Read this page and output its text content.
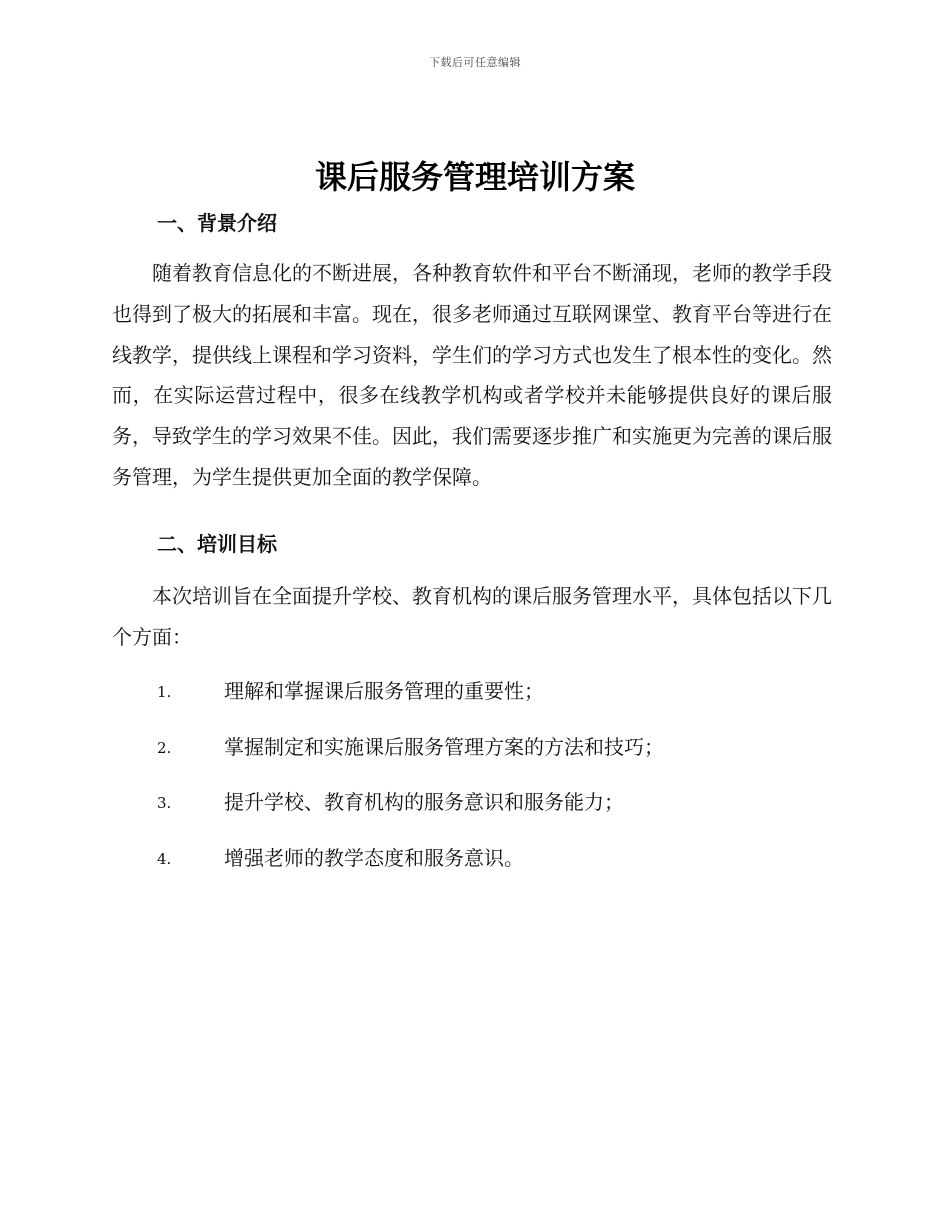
下载后可任意编辑
课后服务管理培训方案
一、背景介绍

随着教育信息化的不断进展，各种教育软件和平台不断涌现，老师的教学手段也得到了极大的拓展和丰富。现在，很多老师通过互联网课堂、教育平台等进行在线教学，提供线上课程和学习资料，学生们的学习方式也发生了根本性的变化。然而，在实际运营过程中，很多在线教学机构或者学校并未能够提供良好的课后服务，导致学生的学习效果不佳。因此，我们需要逐步推广和实施更为完善的课后服务管理，为学生提供更加全面的教学保障。

二、培训目标

本次培训旨在全面提升学校、教育机构的课后服务管理水平，具体包括以下几个方面：

1.	理解和掌握课后服务管理的重要性；
2.	掌握制定和实施课后服务管理方案的方法和技巧；
3.	提升学校、教育机构的服务意识和服务能力；
4.	增强老师的教学态度和服务意识。
